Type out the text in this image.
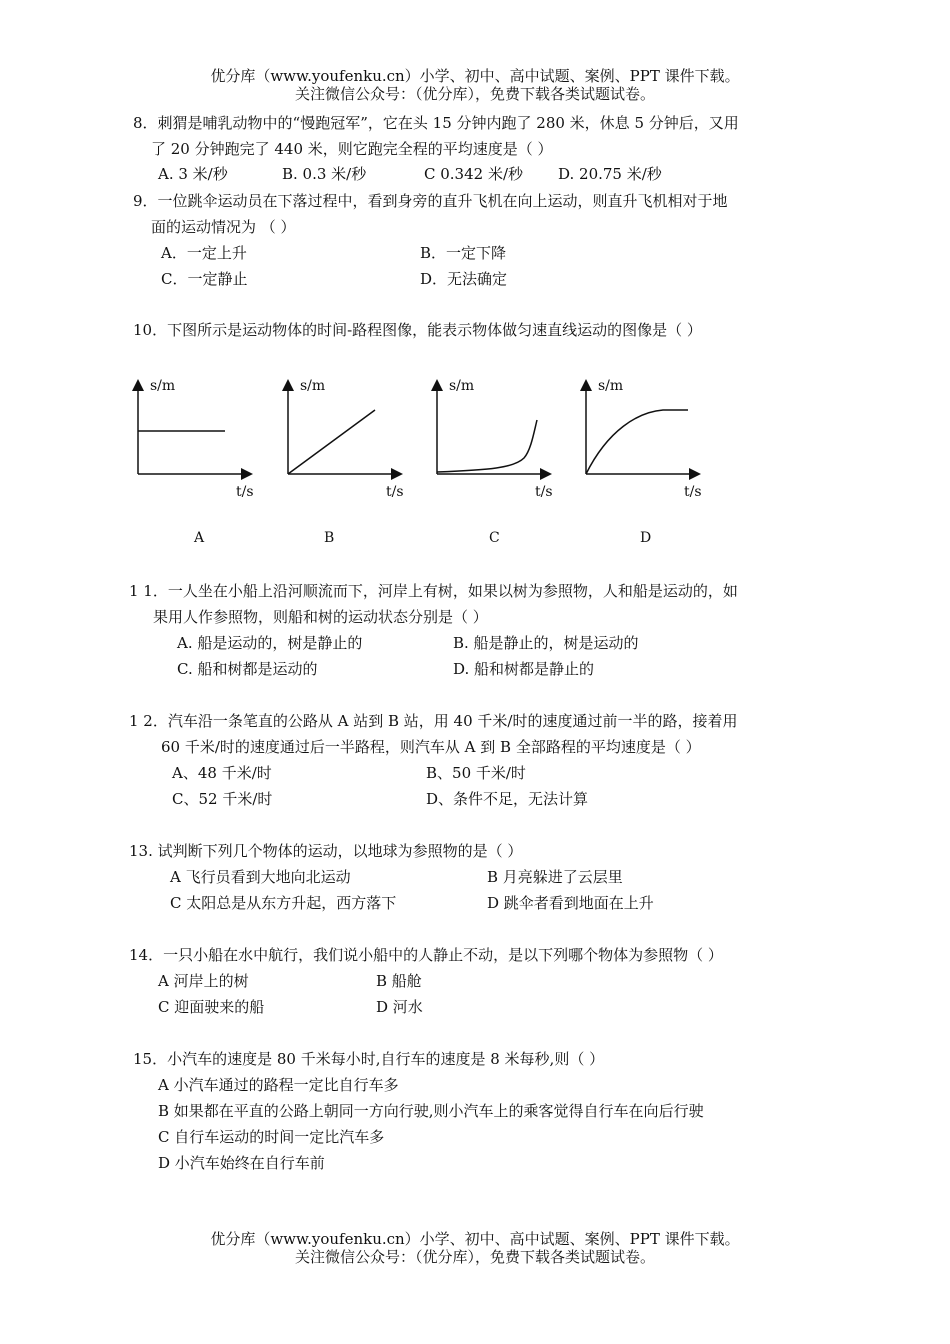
优分库（www.youfenku.cn）小学、初中、高中试题、案例、PPT 课件下载。
关注微信公众号：（优分库），免费下载各类试题试卷。
8．刺猬是哺乳动物中的“慢跑冠军”，它在头 15 分钟内跑了 280 米，休息 5 分钟后，又用
了 20 分钟跑完了 440 米，则它跑完全程的平均速度是（ ）
A. 3 米/秒	B. 0.3 米/秒	C 0.342 米/秒 D. 20.75 米/秒
9．一位跳伞运动员在下落过程中，看到身旁的直升飞机在向上运动，则直升飞机相对于地
面的运动情况为 （ ）
A．一定上升	B．一定下降
C．一定静止	D．无法确定
10．下图所示是运动物体的时间-路程图像，能表示物体做匀速直线运动的图像是（ ）
s/m
t/s
s/m
t/s
s/m
t/s
s/m
t/s
A	B	C	D
1 1．一人坐在小船上沿河顺流而下，河岸上有树，如果以树为参照物，人和船是运动的，如
果用人作参照物，则船和树的运动状态分别是（ ）
A. 船是运动的，树是静止的	B. 船是静止的，树是运动的
C. 船和树都是运动的	D. 船和树都是静止的
1 2．汽车沿一条笔直的公路从 A 站到 B 站，用 40 千米/时的速度通过前一半的路，接着用
60 千米/时的速度通过后一半路程，则汽车从 A 到 B 全部路程的平均速度是（ ）
A、48 千米/时	B、50 千米/时
C、52 千米/时	D、条件不足，无法计算
13. 试判断下列几个物体的运动，以地球为参照物的是（ ）
A 飞行员看到大地向北运动	B 月亮躲进了云层里
C 太阳总是从东方升起，西方落下	D 跳伞者看到地面在上升
14．一只小船在水中航行，我们说小船中的人静止不动，是以下列哪个物体为参照物（ ）
A 河岸上的树	B 船舱
C 迎面驶来的船	D 河水
15．小汽车的速度是 80 千米每小时,自行车的速度是 8 米每秒,则（ ）
A 小汽车通过的路程一定比自行车多
B 如果都在平直的公路上朝同一方向行驶,则小汽车上的乘客觉得自行车在向后行驶
C 自行车运动的时间一定比汽车多
D 小汽车始终在自行车前
优分库（www.youfenku.cn）小学、初中、高中试题、案例、PPT 课件下载。
关注微信公众号：（优分库），免费下载各类试题试卷。
